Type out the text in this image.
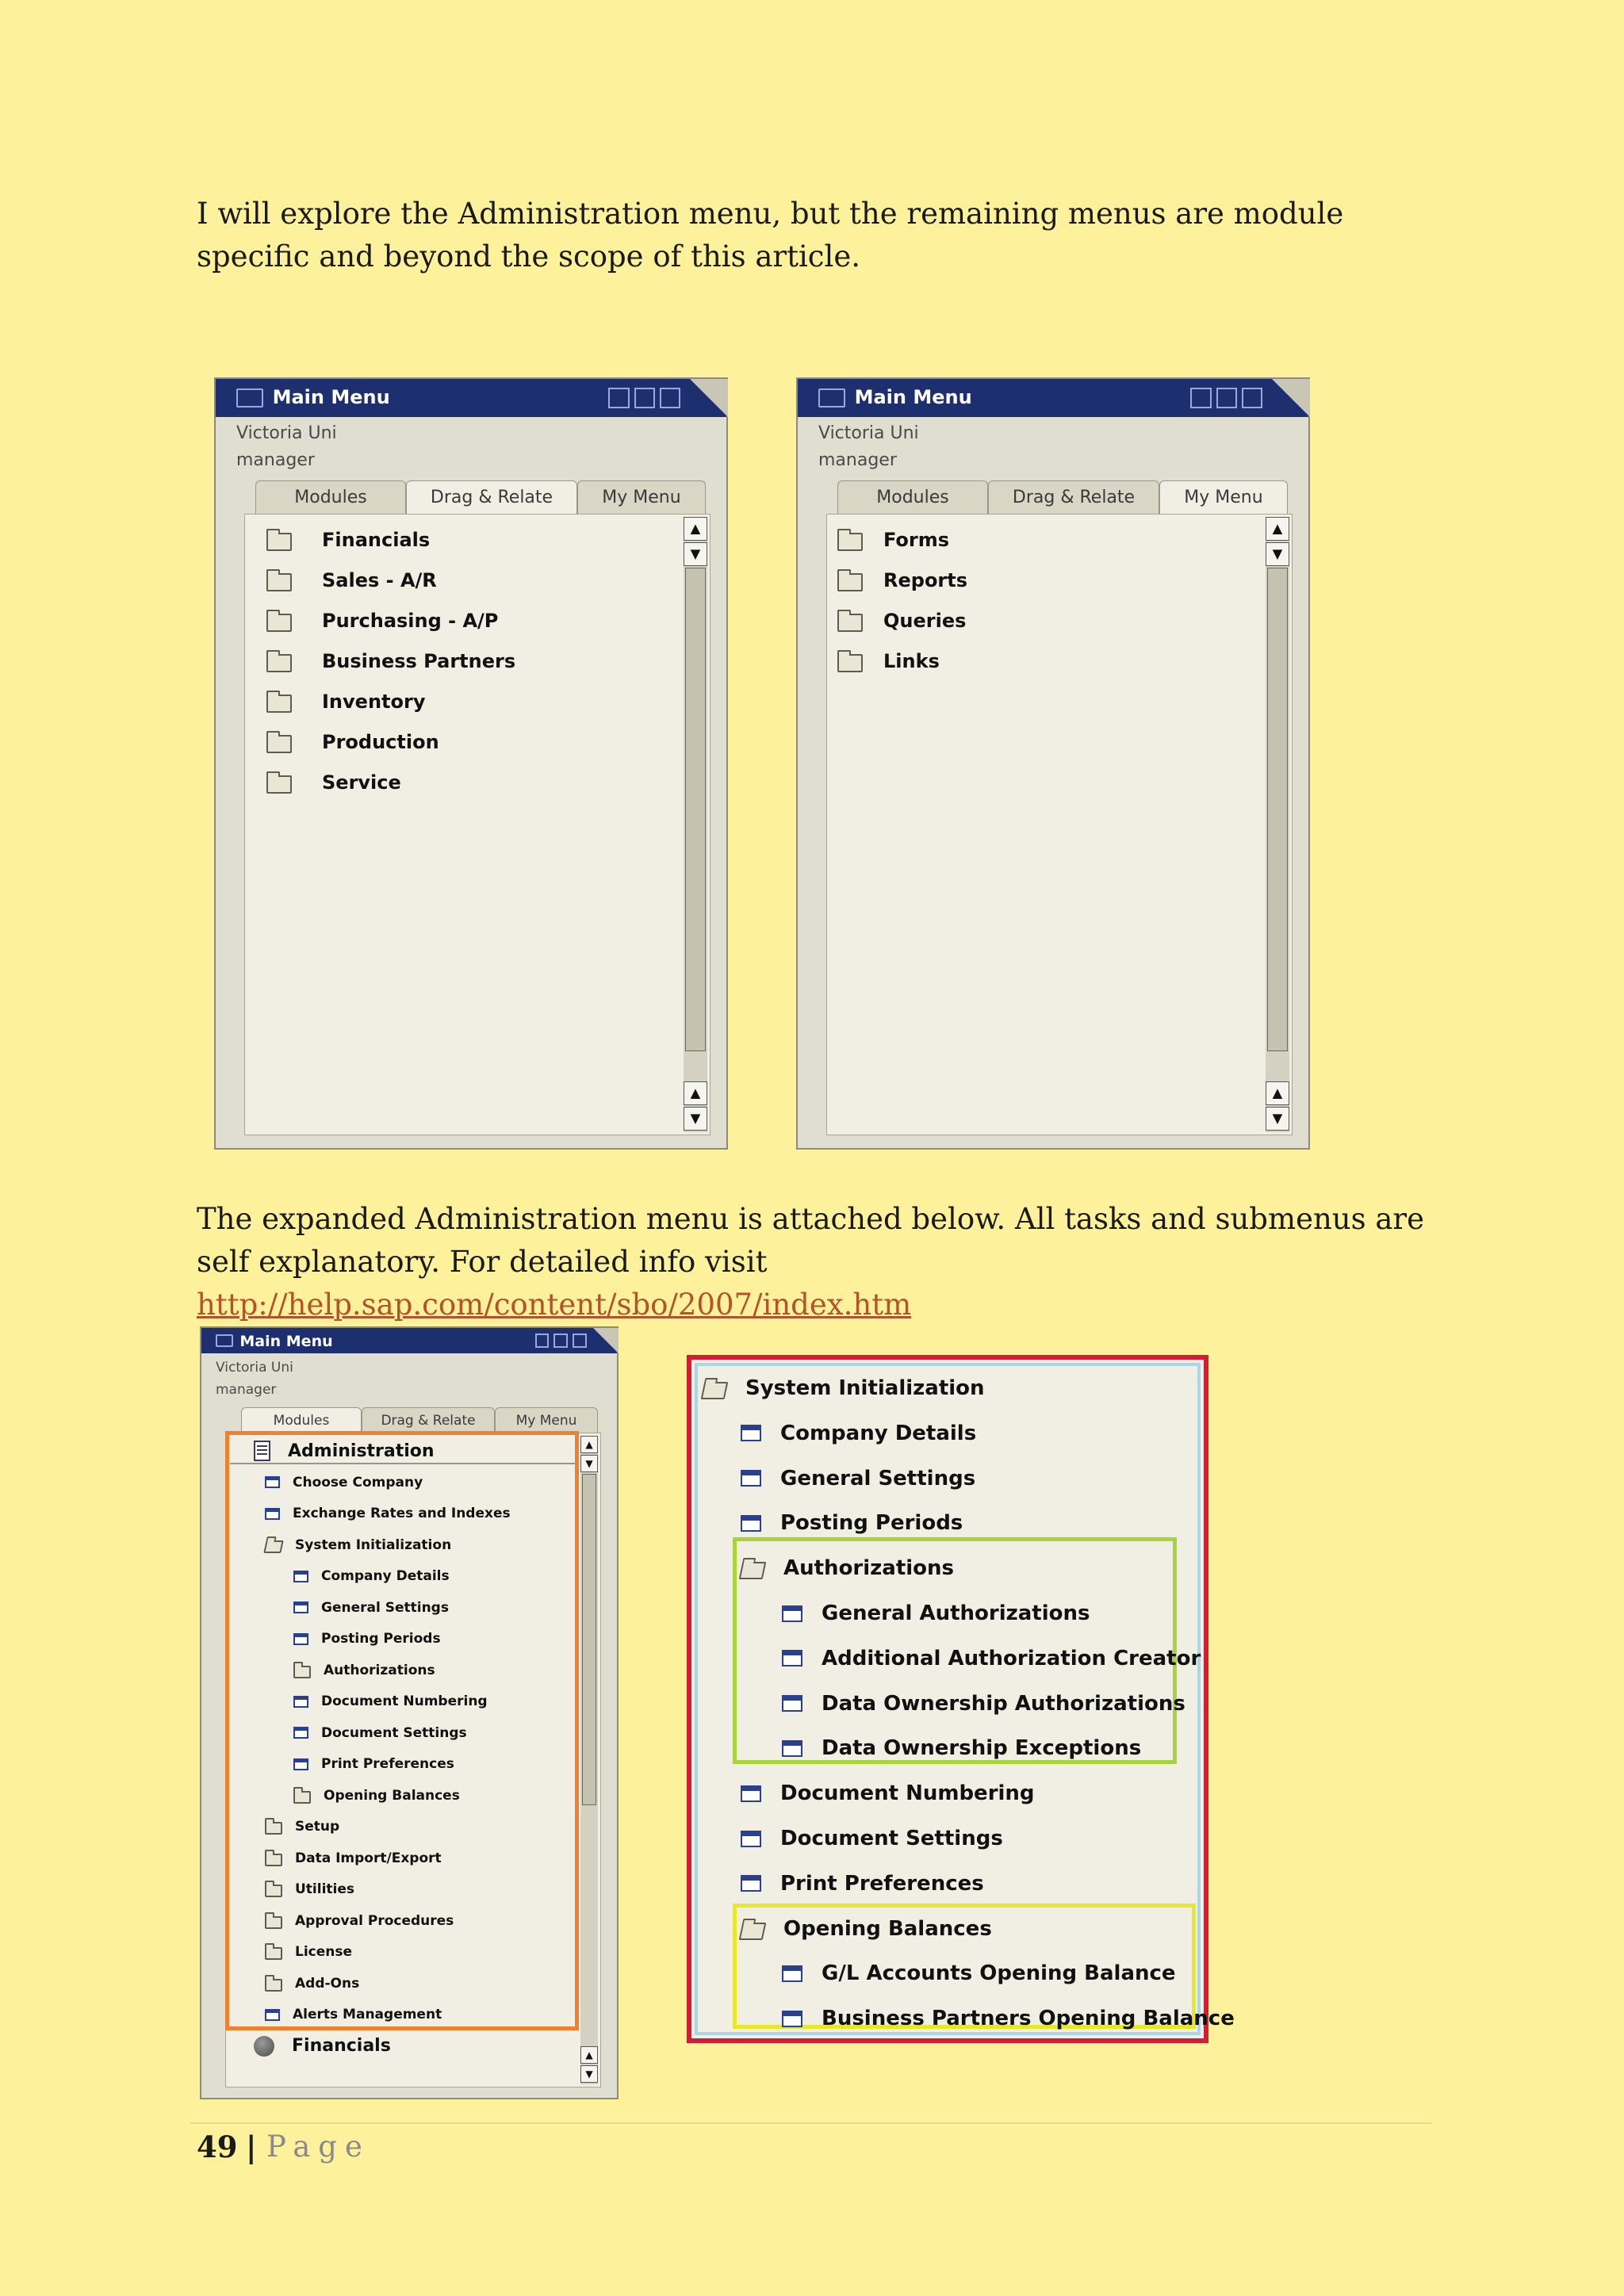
I will explore the Administration menu, but the remaining menus are module specific and beyond the scope of this article.

Main Menu
Victoria Uni
manager
Modules	Drag & Relate	My Menu
▲
▼
▲
▼
Financials
Sales - A/R
Purchasing - A/P
Business Partners
Inventory
Production
Service
Main Menu
Victoria Uni
manager
Modules	Drag & Relate	My Menu
▲
▼
▲
▼
Forms
Reports
Queries
Links

The expanded Administration menu is attached below. All tasks and submenus are self explanatory. For detailed info visit http://help.sap.com/content/sbo/2007/index.htm

Main Menu
Victoria Uni
manager
Modules	Drag & Relate	My Menu
▲
▼
▲
▼
Administration
Choose Company
Exchange Rates and Indexes
System Initialization
Company Details
General Settings
Posting Periods
Authorizations
Document Numbering
Document Settings
Print Preferences
Opening Balances
Setup
Data Import/Export
Utilities
Approval Procedures
License
Add-Ons
Alerts Management
Financials
System Initialization
Company Details
General Settings
Posting Periods
Authorizations
General Authorizations
Additional Authorization Creator
Data Ownership Authorizations
Data Ownership Exceptions
Document Numbering
Document Settings
Print Preferences
Opening Balances
G/L Accounts Opening Balance
Business Partners Opening Balance
49 | Page
